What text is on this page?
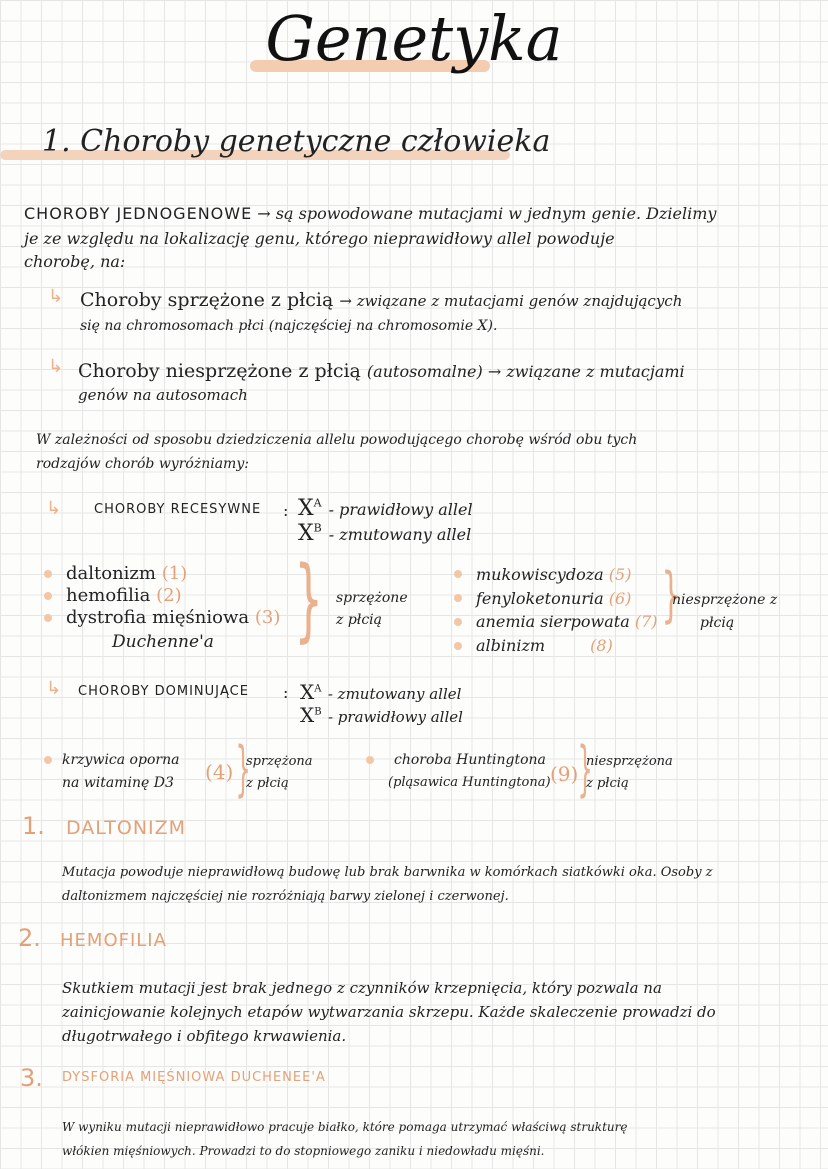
Genetyka
1. Choroby genetyczne człowieka
CHOROBY JEDNOGENOWE → są spowodowane mutacjami w jednym genie. Dzielimy
je ze względu na lokalizację genu, którego nieprawidłowy allel powoduje
chorobę, na:
↳ Choroby sprzężone z płcią → związane z mutacjami genów znajdujących
się na chromosomach płci (najczęściej na chromosomie X).
↳ Choroby niesprzężone z płcią (autosomalne) → związane z mutacjami
genów na autosomach
W zależności od sposobu dziedziczenia allelu powodującego chorobę wśród obu tych
rodzajów chorób wyróżniamy:
↳	CHOROBY RECESYWNE : $X^A$ - prawidłowy allel
$X^B$ - zmutowany allel
daltonizm (1)
hemofilia (2)
dystrofia mięśniowa (3)
Duchenne'a } sprzężone
z płcią
mukowiscydoza (5)
fenyloketonuria (6)
anemia sierpowata (7)
albinizm	(8)
}
niesprzężone z
płcią
↳ CHOROBY DOMINUJĄCE : $X^A$ - zmutowany allel
$X^B$ - prawidłowy allel
krzywica oporna
na witaminę D3 (4) }
sprzężona
z płcią
choroba Huntingtona
(pląsawica Huntingtona) (9) }
niesprzężona
z płcią
1. DALTONIZM
Mutacja powoduje nieprawidłową budowę lub brak barwnika w komórkach siatkówki oka. Osoby z
daltonizmem najczęściej nie rozróżniają barwy zielonej i czerwonej.
2. HEMOFILIA
Skutkiem mutacji jest brak jednego z czynników krzepnięcia, który pozwala na
zainicjowanie kolejnych etapów wytwarzania skrzepu. Każde skaleczenie prowadzi do
długotrwałego i obfitego krwawienia.
3. DYSFORIA MIĘŚNIOWA DUCHENEE'A
W wyniku mutacji nieprawidłowo pracuje białko, które pomaga utrzymać właściwą strukturę
włókien mięśniowych. Prowadzi to do stopniowego zaniku i niedowładu mięśni.
